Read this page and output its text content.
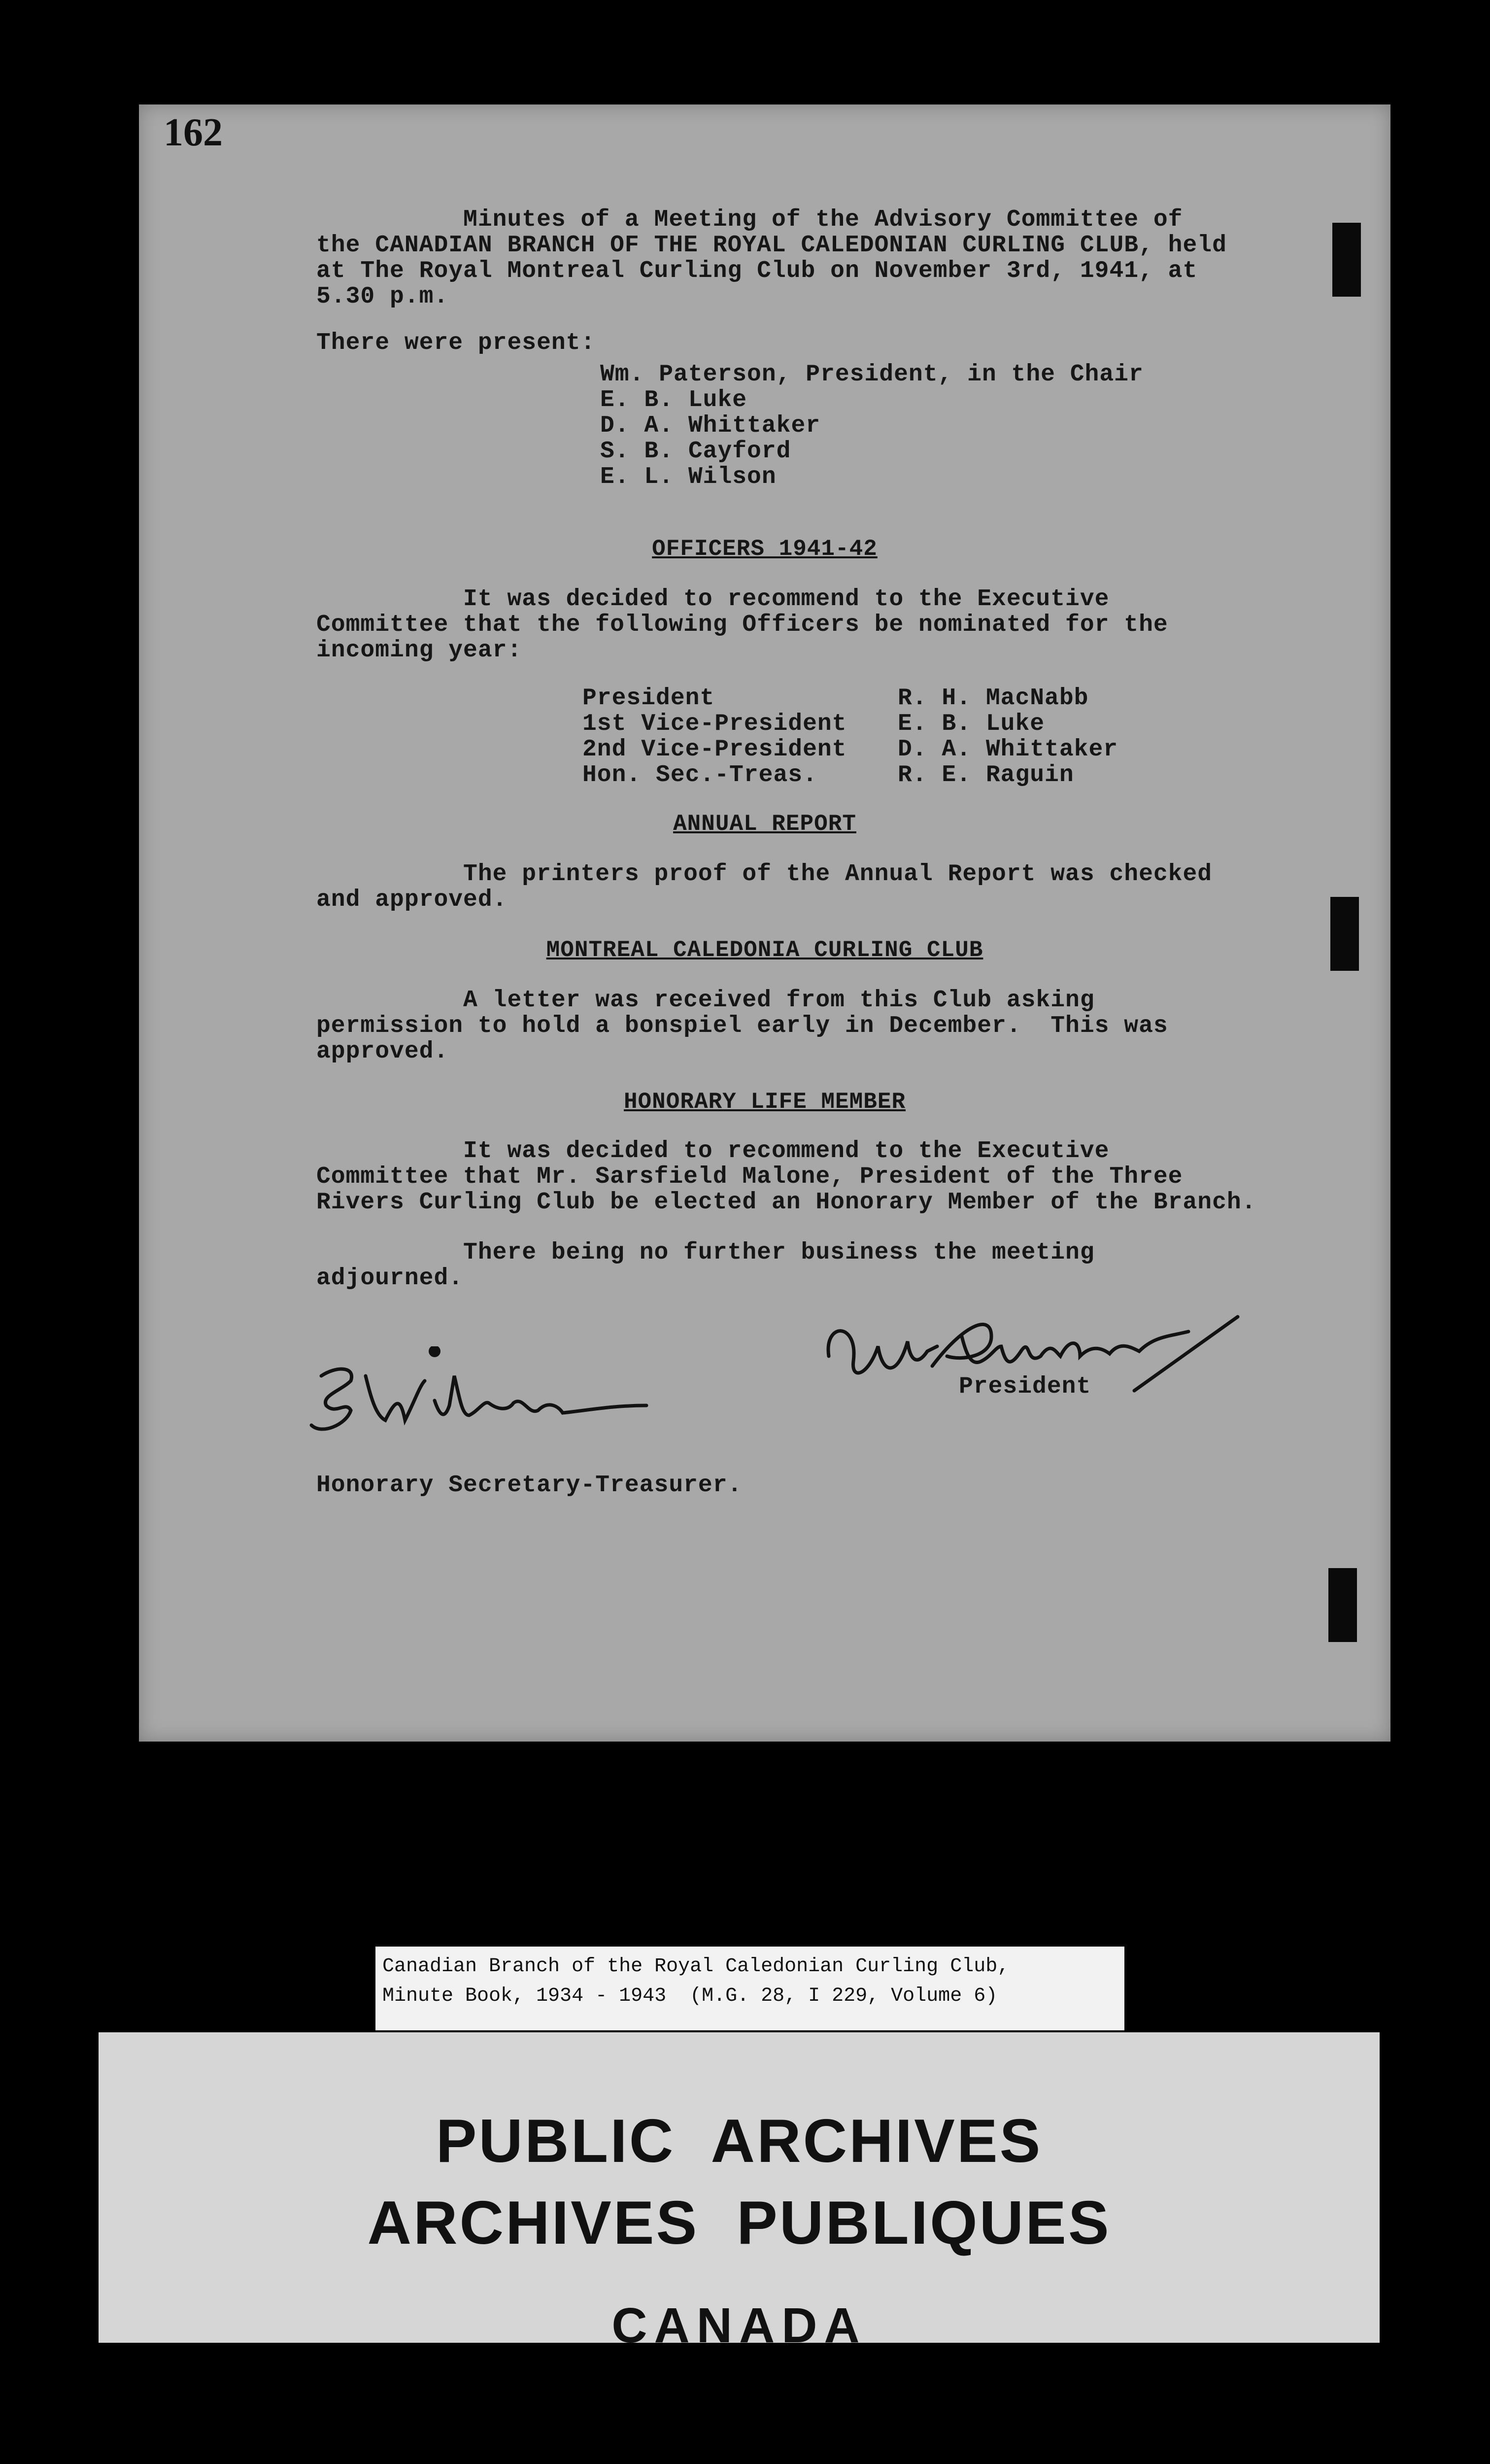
162
Minutes of a Meeting of the Advisory Committee of
the CANADIAN BRANCH OF THE ROYAL CALEDONIAN CURLING CLUB, held
at The Royal Montreal Curling Club on November 3rd, 1941, at
5.30 p.m.
There were present:
Wm. Paterson, President, in the Chair
E. B. Luke
D. A. Whittaker
S. B. Cayford
E. L. Wilson
OFFICERS 1941-42
It was decided to recommend to the Executive
Committee that the following Officers be nominated for the
incoming year:
President	R. H. MacNabb
1st Vice-President E. B. Luke
2nd Vice-President D. A. Whittaker
Hon. Sec.-Treas.	R. E. Raguin
ANNUAL REPORT
The printers proof of the Annual Report was checked
and approved.
MONTREAL CALEDONIA CURLING CLUB
A letter was received from this Club asking
permission to hold a bonspiel early in December.  This was
approved.
HONORARY LIFE MEMBER
It was decided to recommend to the Executive
Committee that Mr. Sarsfield Malone, President of the Three
Rivers Curling Club be elected an Honorary Member of the Branch.
There being no further business the meeting
adjourned.
President
Honorary Secretary-Treasurer.
Canadian Branch of the Royal Caledonian Curling Club,
Minute Book, 1934 - 1943  (M.G. 28, I 229, Volume 6)
PUBLIC  ARCHIVES
ARCHIVES  PUBLIQUES
CANADA
